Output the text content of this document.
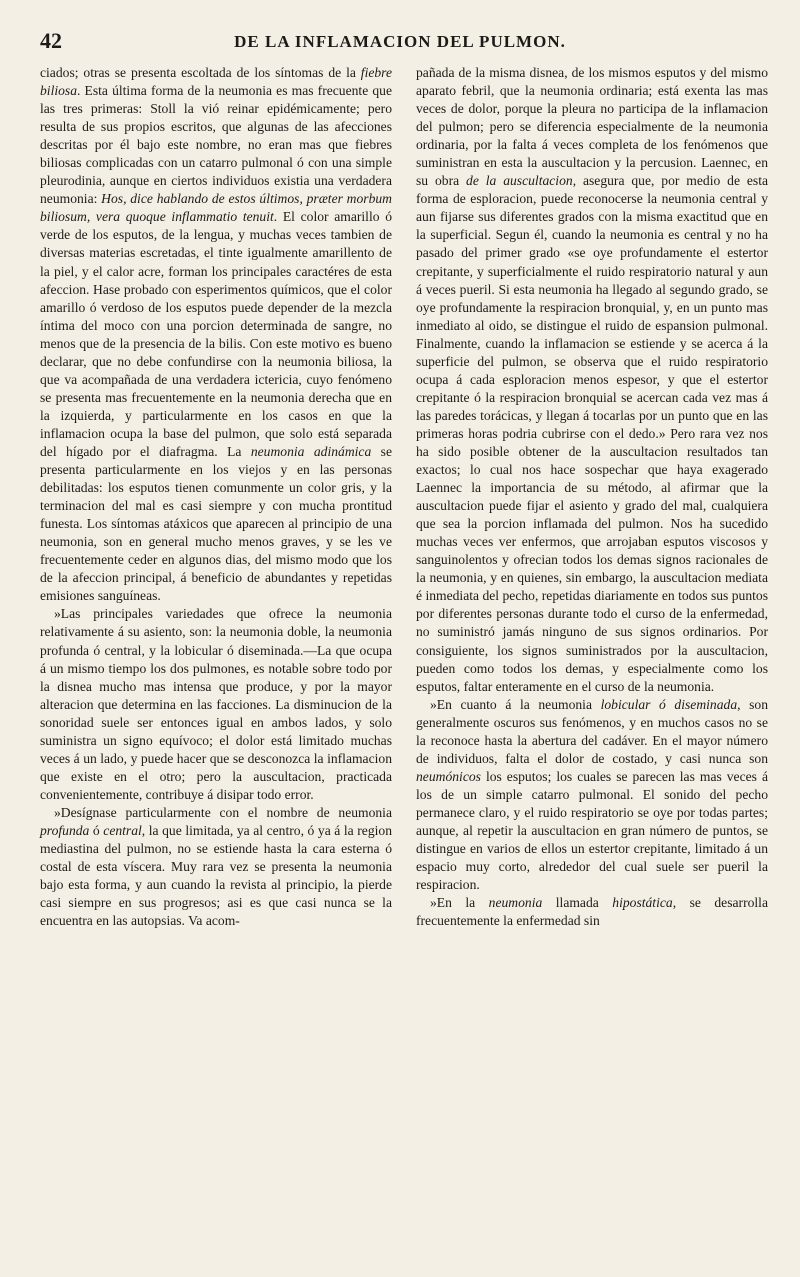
42	DE LA INFLAMACION DEL PULMON.

ciados; otras se presenta escoltada de los síntomas de la fiebre biliosa. Esta última forma de la neumonia es mas frecuente que las tres primeras: Stoll la vió reinar epidémicamente; pero resulta de sus propios escritos, que algunas de las afecciones descritas por él bajo este nombre, no eran mas que fiebres biliosas complicadas con un catarro pulmonal ó con una simple pleurodinia, aunque en ciertos individuos existia una verdadera neumonia: Hos, dice hablando de estos últimos, præter morbum biliosum, vera quoque inflammatio tenuit. El color amarillo ó verde de los esputos, de la lengua, y muchas veces tambien de diversas materias escretadas, el tinte igualmente amarillento de la piel, y el calor acre, forman los principales caractéres de esta afeccion. Hase probado con esperimentos químicos, que el color amarillo ó verdoso de los esputos puede depender de la mezcla íntima del moco con una porcion determinada de sangre, no menos que de la presencia de la bilis. Con este motivo es bueno declarar, que no debe confundirse con la neumonia biliosa, la que va acompañada de una verdadera ictericia, cuyo fenómeno se presenta mas frecuentemente en la neumonia derecha que en la izquierda, y particularmente en los casos en que la inflamacion ocupa la base del pulmon, que solo está separada del hígado por el diafragma. La neumonia adinámica se presenta particularmente en los viejos y en las personas debilitadas: los esputos tienen comunmente un color gris, y la terminacion del mal es casi siempre y con mucha prontitud funesta. Los síntomas atáxicos que aparecen al principio de una neumonia, son en general mucho menos graves, y se les ve frecuentemente ceder en algunos dias, del mismo modo que los de la afeccion principal, á beneficio de abundantes y repetidas emisiones sanguíneas.

»Las principales variedades que ofrece la neumonia relativamente á su asiento, son: la neumonia doble, la neumonia profunda ó central, y la lobicular ó diseminada.—La que ocupa á un mismo tiempo los dos pulmones, es notable sobre todo por la disnea mucho mas intensa que produce, y por la mayor alteracion que determina en las facciones. La disminucion de la sonoridad suele ser entonces igual en ambos lados, y solo suministra un signo equívoco; el dolor está limitado muchas veces á un lado, y puede hacer que se desconozca la inflamacion que existe en el otro; pero la auscultacion, practicada convenientemente, contribuye á disipar todo error.

»Desígnase particularmente con el nombre de neumonia profunda ó central, la que limitada, ya al centro, ó ya á la region mediastina del pulmon, no se estiende hasta la cara esterna ó costal de esta víscera. Muy rara vez se presenta la neumonia bajo esta forma, y aun cuando la revista al principio, la pierde casi siempre en sus progresos; asi es que casi nunca se la encuentra en las autopsias. Va acom-

pañada de la misma disnea, de los mismos esputos y del mismo aparato febril, que la neumonia ordinaria; está exenta las mas veces de dolor, porque la pleura no participa de la inflamacion del pulmon; pero se diferencia especialmente de la neumonia ordinaria, por la falta á veces completa de los fenómenos que suministran en esta la auscultacion y la percusion. Laennec, en su obra de la auscultacion, asegura que, por medio de esta forma de esploracion, puede reconocerse la neumonia central y aun fijarse sus diferentes grados con la misma exactitud que en la superficial. Segun él, cuando la neumonia es central y no ha pasado del primer grado «se oye profundamente el estertor crepitante, y superficialmente el ruido respiratorio natural y aun á veces pueril. Si esta neumonia ha llegado al segundo grado, se oye profundamente la respiracion bronquial, y, en un punto mas inmediato al oido, se distingue el ruido de espansion pulmonal. Finalmente, cuando la inflamacion se estiende y se acerca á la superficie del pulmon, se observa que el ruido respiratorio ocupa á cada esploracion menos espesor, y que el estertor crepitante ó la respiracion bronquial se acercan cada vez mas á las paredes torácicas, y llegan á tocarlas por un punto que en las primeras horas podria cubrirse con el dedo.» Pero rara vez nos ha sido posible obtener de la auscultacion resultados tan exactos; lo cual nos hace sospechar que haya exagerado Laennec la importancia de su método, al afirmar que la auscultacion puede fijar el asiento y grado del mal, cualquiera que sea la porcion inflamada del pulmon. Nos ha sucedido muchas veces ver enfermos, que arrojaban esputos viscosos y sanguinolentos y ofrecian todos los demas signos racionales de la neumonia, y en quienes, sin embargo, la auscultacion mediata é inmediata del pecho, repetidas diariamente en todos sus puntos por diferentes personas durante todo el curso de la enfermedad, no suministró jamás ninguno de sus signos ordinarios. Por consiguiente, los signos suministrados por la auscultacion, pueden como todos los demas, y especialmente como los esputos, faltar enteramente en el curso de la neumonia.

»En cuanto á la neumonia lobicular ó diseminada, son generalmente oscuros sus fenómenos, y en muchos casos no se la reconoce hasta la abertura del cadáver. En el mayor número de individuos, falta el dolor de costado, y casi nunca son neumónicos los esputos; los cuales se parecen las mas veces á los de un simple catarro pulmonal. El sonido del pecho permanece claro, y el ruido respiratorio se oye por todas partes; aunque, al repetir la auscultacion en gran número de puntos, se distingue en varios de ellos un estertor crepitante, limitado á un espacio muy corto, alrededor del cual suele ser pueril la respiracion.

»En la neumonia llamada hipostática, se desarrolla frecuentemente la enfermedad sin
